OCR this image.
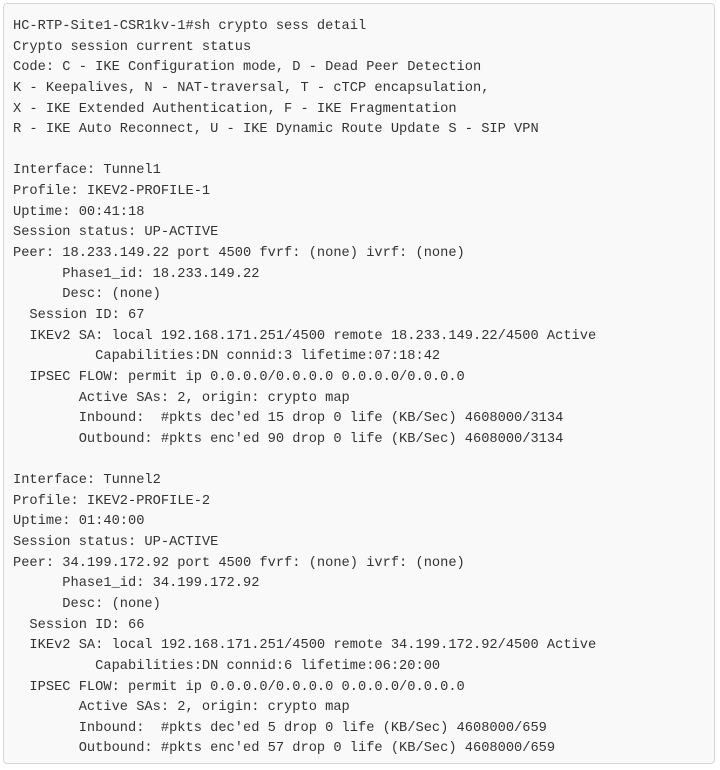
HC-RTP-Site1-CSR1kv-1#sh crypto sess detail
Crypto session current status
Code: C - IKE Configuration mode, D - Dead Peer Detection
K - Keepalives, N - NAT-traversal, T - cTCP encapsulation,
X - IKE Extended Authentication, F - IKE Fragmentation
R - IKE Auto Reconnect, U - IKE Dynamic Route Update S - SIP VPN
Interface: Tunnel1
Profile: IKEV2-PROFILE-1
Uptime: 00:41:18
Session status: UP-ACTIVE
Peer: 18.233.149.22 port 4500 fvrf: (none) ivrf: (none)
Phase1_id: 18.233.149.22
Desc: (none)
Session ID: 67
IKEv2 SA: local 192.168.171.251/4500 remote 18.233.149.22/4500 Active
Capabilities:DN connid:3 lifetime:07:18:42
IPSEC FLOW: permit ip 0.0.0.0/0.0.0.0 0.0.0.0/0.0.0.0
Active SAs: 2, origin: crypto map
Inbound:  #pkts dec'ed 15 drop 0 life (KB/Sec) 4608000/3134
Outbound: #pkts enc'ed 90 drop 0 life (KB/Sec) 4608000/3134
Interface: Tunnel2
Profile: IKEV2-PROFILE-2
Uptime: 01:40:00
Session status: UP-ACTIVE
Peer: 34.199.172.92 port 4500 fvrf: (none) ivrf: (none)
Phase1_id: 34.199.172.92
Desc: (none)
Session ID: 66
IKEv2 SA: local 192.168.171.251/4500 remote 34.199.172.92/4500 Active
Capabilities:DN connid:6 lifetime:06:20:00
IPSEC FLOW: permit ip 0.0.0.0/0.0.0.0 0.0.0.0/0.0.0.0
Active SAs: 2, origin: crypto map
Inbound:  #pkts dec'ed 5 drop 0 life (KB/Sec) 4608000/659
Outbound: #pkts enc'ed 57 drop 0 life (KB/Sec) 4608000/659
